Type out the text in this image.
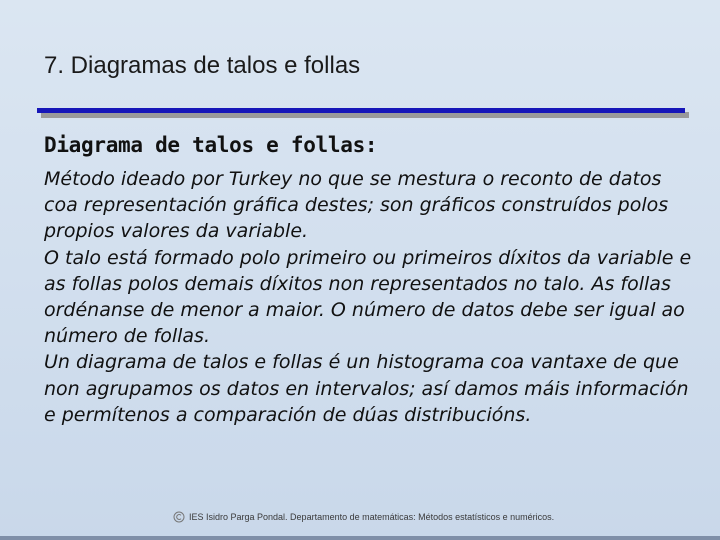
7. Diagramas de talos e follas
Diagrama de talos e follas:

Método ideado por Turkey no que se mestura o reconto de datos coa representación gráfica destes; son gráficos construídos polos propios valores da variable.

O talo está formado polo primeiro ou primeiros díxitos da variable e as follas polos demais díxitos non representados no talo. As follas ordénanse de menor a maior. O número de datos debe ser igual ao número de follas.

Un diagrama de talos e follas é un histograma coa vantaxe de que non agrupamos os datos en intervalos; así damos máis información e permítenos a comparación de dúas distribucións.

IES Isidro Parga Pondal. Departamento de matemáticas: Métodos estatísticos e numéricos.
